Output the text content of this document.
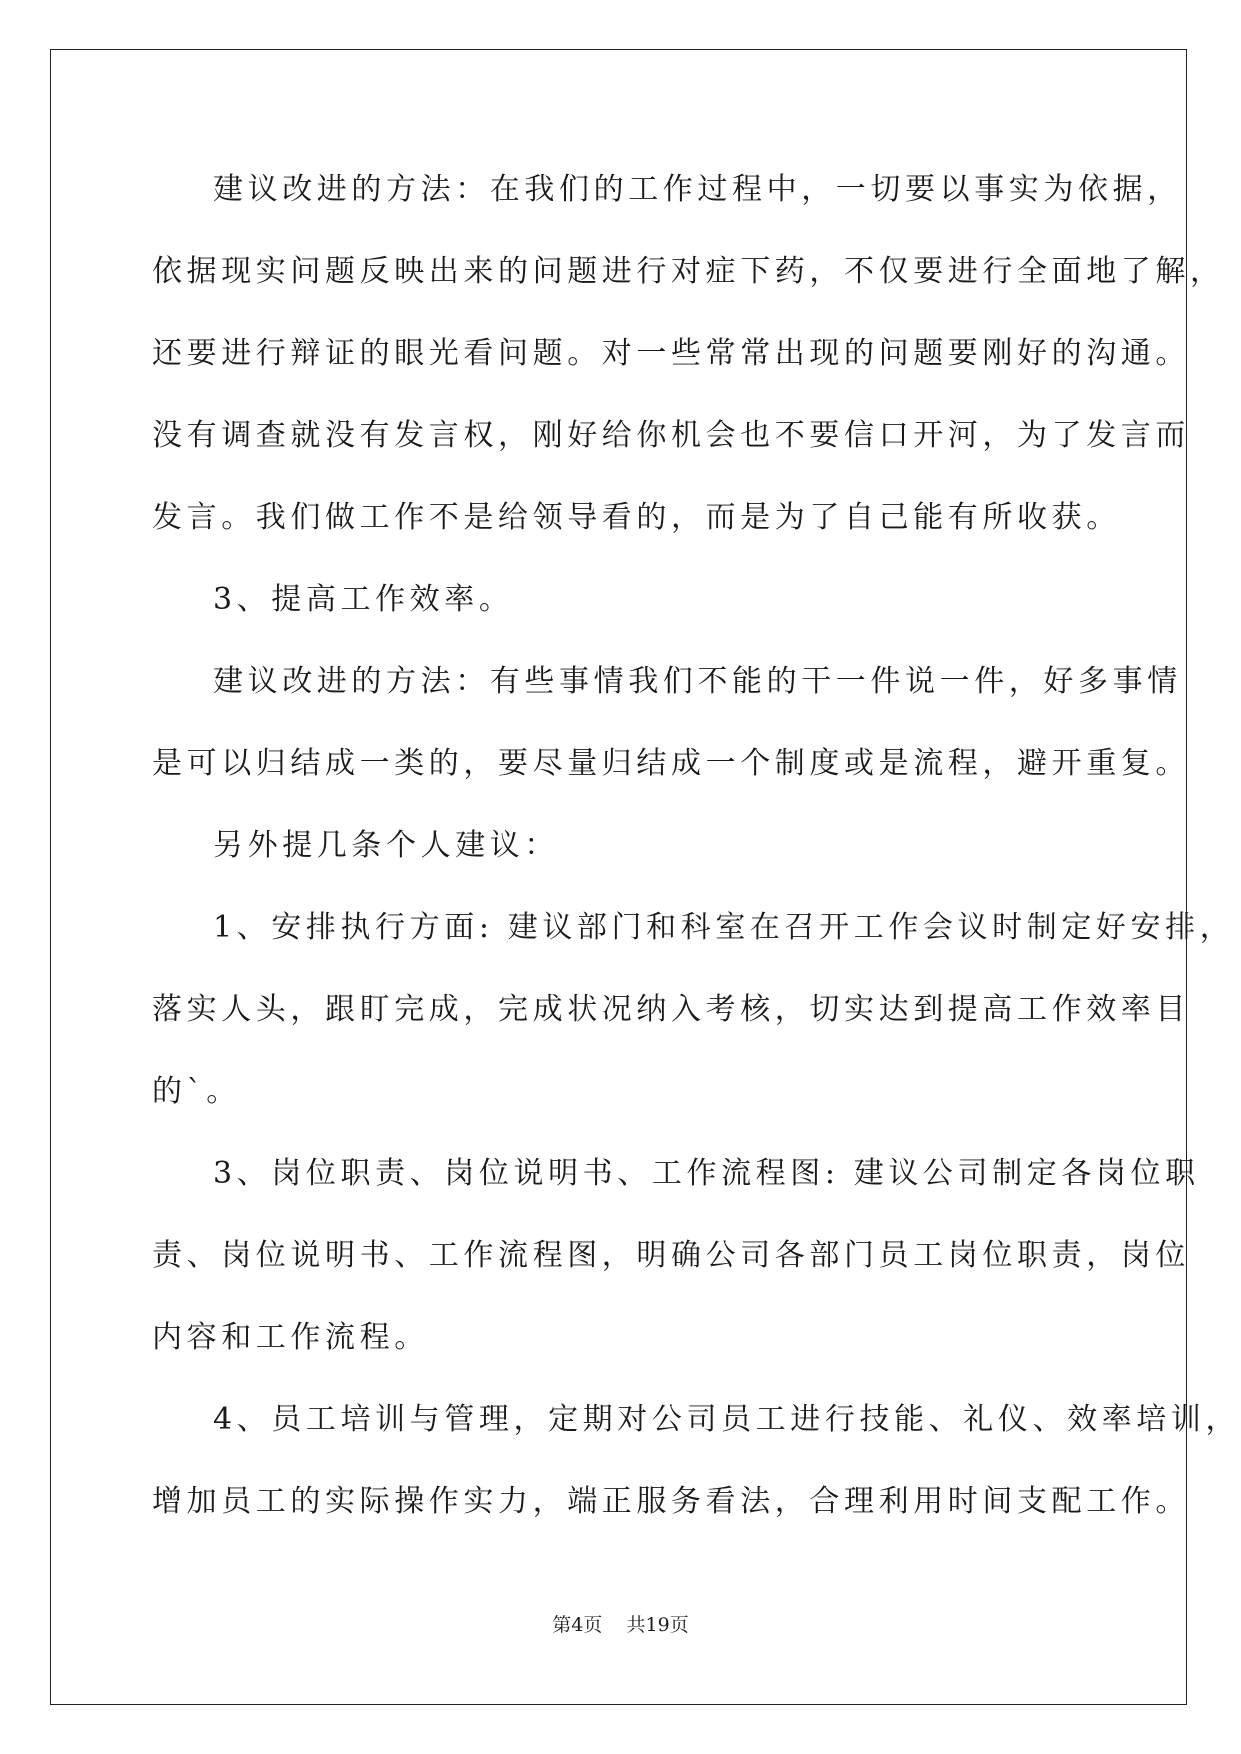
建议改进的方法：在我们的工作过程中，一切要以事实为依据，
依据现实问题反映出来的问题进行对症下药，不仅要进行全面地了解，
还要进行辩证的眼光看问题。对一些常常出现的问题要刚好的沟通。
没有调查就没有发言权，刚好给你机会也不要信口开河，为了发言而
发言。我们做工作不是给领导看的，而是为了自己能有所收获。
3、提高工作效率。
建议改进的方法：有些事情我们不能的干一件说一件，好多事情
是可以归结成一类的，要尽量归结成一个制度或是流程，避开重复。
另外提几条个人建议：
1、安排执行方面: 建议部门和科室在召开工作会议时制定好安排，
落实人头，跟盯完成，完成状况纳入考核，切实达到提高工作效率目
的`。
3、岗位职责、岗位说明书、工作流程图: 建议公司制定各岗位职
责、岗位说明书、工作流程图，明确公司各部门员工岗位职责，岗位
内容和工作流程。
4、员工培训与管理，定期对公司员工进行技能、礼仪、效率培训，
增加员工的实际操作实力，端正服务看法，合理利用时间支配工作。
第4页    共19页
